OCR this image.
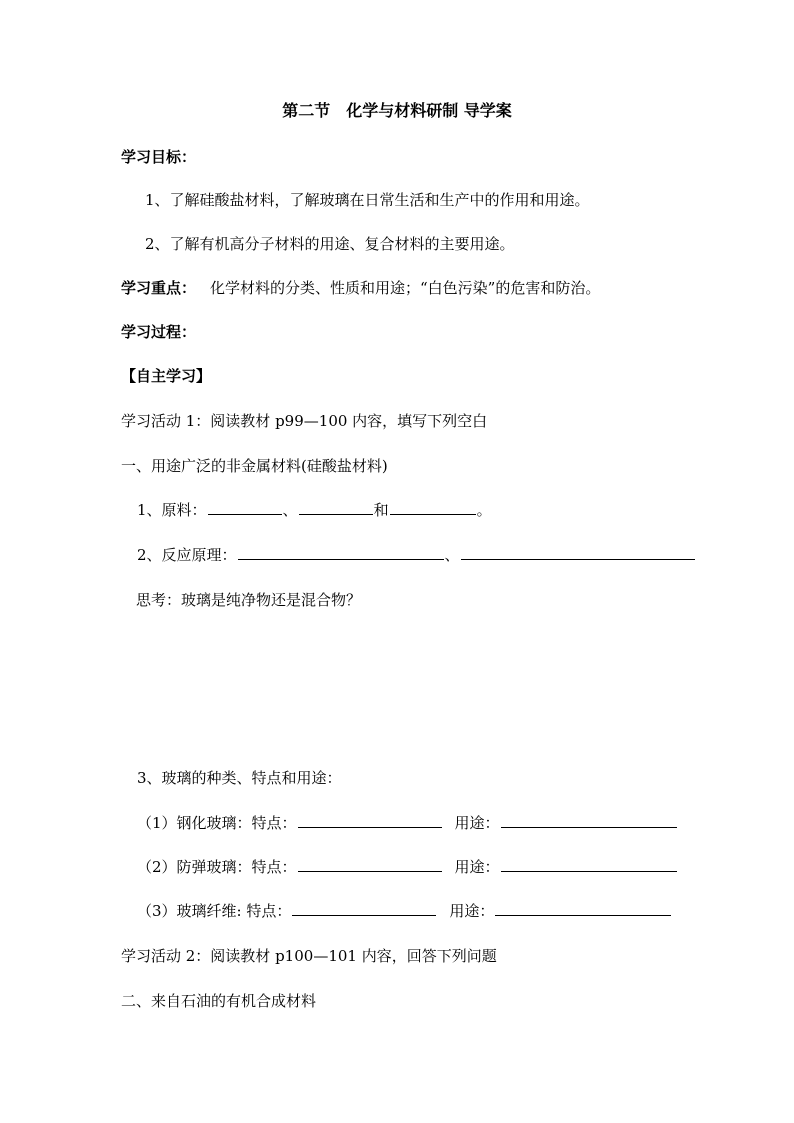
第二节　化学与材料研制 导学案
学习目标：
1、了解硅酸盐材料，了解玻璃在日常生活和生产中的作用和用途。
2、了解有机高分子材料的用途、复合材料的主要用途。
学习重点： 化学材料的分类、性质和用途；“白色污染”的危害和防治。
学习过程：
【自主学习】
学习活动 1：阅读教材 p99—100 内容，填写下列空白
一、用途广泛的非金属材料(硅酸盐材料)
1、原料：	、	和	。
2、反应原理：	、
思考：玻璃是纯净物还是混合物？
3、玻璃的种类、特点和用途：
（1）钢化玻璃：特点：	用途：
（2）防弹玻璃：特点：	用途：
（3）玻璃纤维: 特点：	用途：
学习活动 2：阅读教材 p100—101 内容，回答下列问题
二、来自石油的有机合成材料
